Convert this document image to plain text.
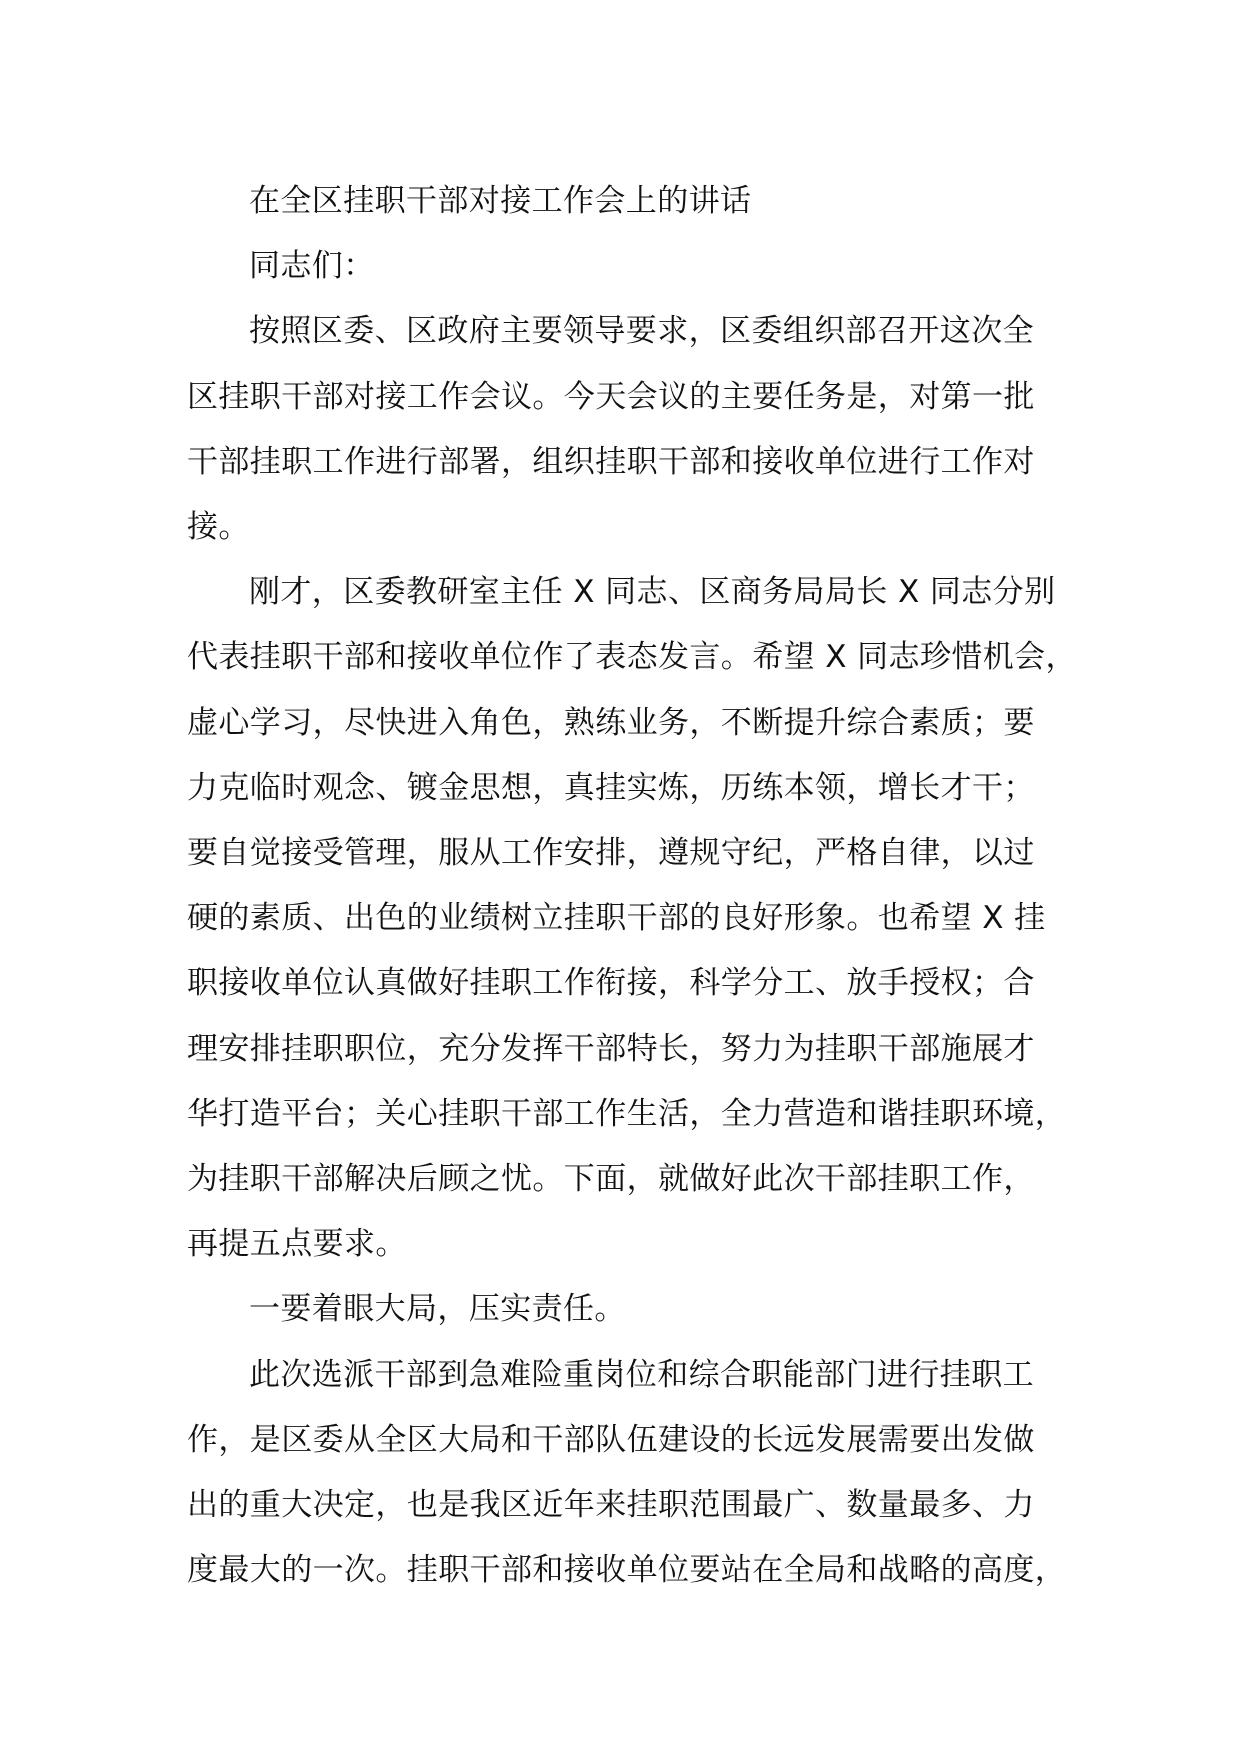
在全区挂职干部对接工作会上的讲话

同志们：

按照区委、区政府主要领导要求，区委组织部召开这次全
区挂职干部对接工作会议。今天会议的主要任务是，对第一批
干部挂职工作进行部署，组织挂职干部和接收单位进行工作对
接。

刚才，区委教研室主任 X 同志、区商务局局长 X 同志分别
代表挂职干部和接收单位作了表态发言。希望 X 同志珍惜机会，
虚心学习，尽快进入角色，熟练业务，不断提升综合素质；要
力克临时观念、镀金思想，真挂实炼，历练本领，增长才干；
要自觉接受管理，服从工作安排，遵规守纪，严格自律，以过
硬的素质、出色的业绩树立挂职干部的良好形象。也希望 X 挂
职接收单位认真做好挂职工作衔接，科学分工、放手授权；合
理安排挂职职位，充分发挥干部特长，努力为挂职干部施展才
华打造平台；关心挂职干部工作生活，全力营造和谐挂职环境，
为挂职干部解决后顾之忧。下面，就做好此次干部挂职工作，
再提五点要求。

一要着眼大局，压实责任。

此次选派干部到急难险重岗位和综合职能部门进行挂职工
作，是区委从全区大局和干部队伍建设的长远发展需要出发做
出的重大决定，也是我区近年来挂职范围最广、数量最多、力
度最大的一次。挂职干部和接收单位要站在全局和战略的高度，
